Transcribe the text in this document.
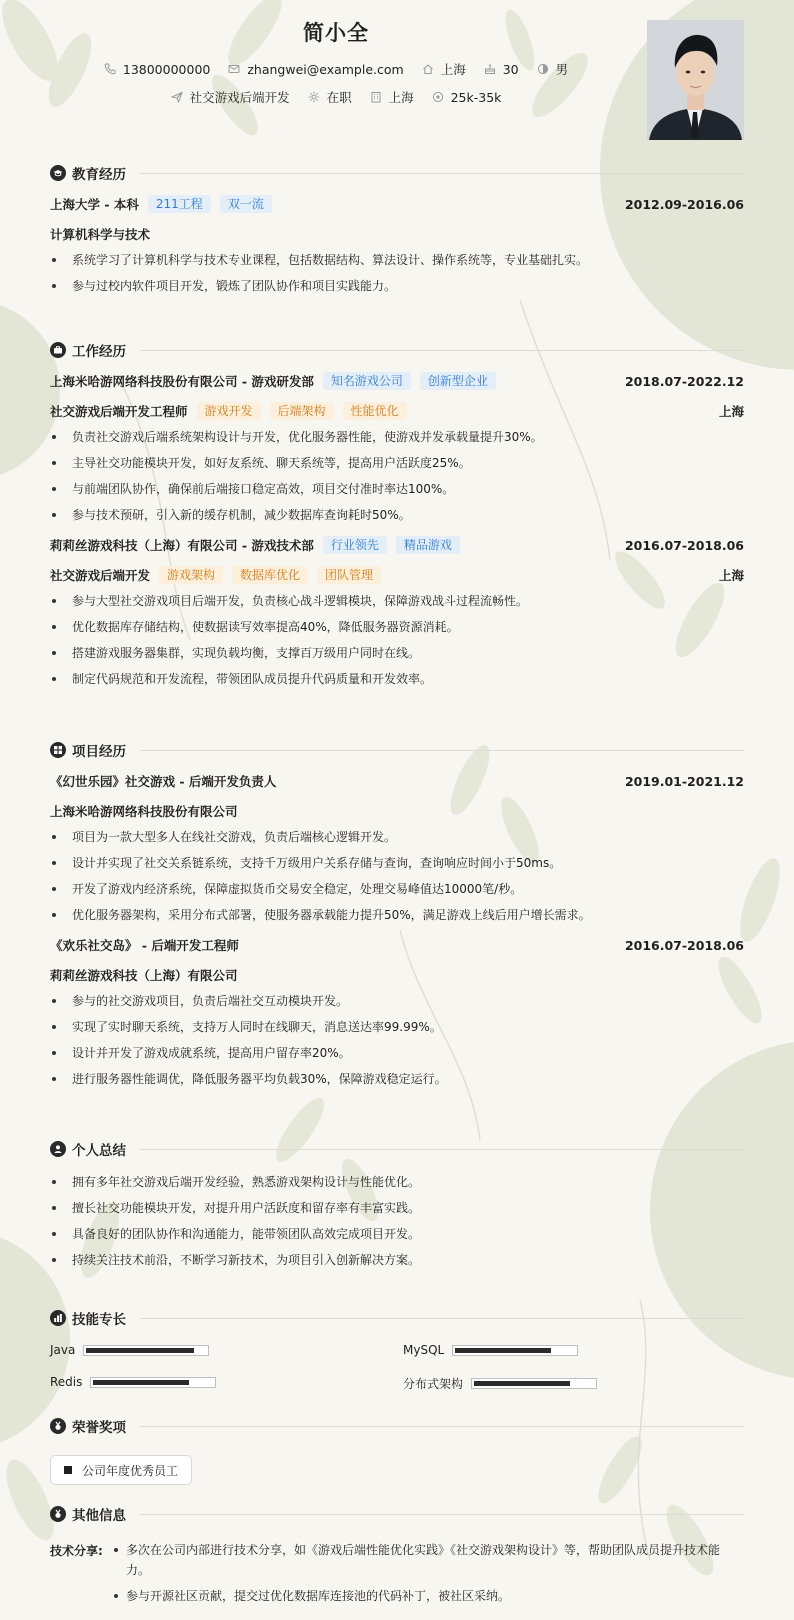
简小全
13800000000
	zhangwei@example.com
	上海
	30
	男
社交游戏后端开发
	在职
	上海
	25k-35k
教育经历
上海大学 - 本科	211工程	双一流	2012.09-2016.06
计算机科学与技术
系统学习了计算机科学与技术专业课程，包括数据结构、算法设计、操作系统等，专业基础扎实。
参与过校内软件项目开发，锻炼了团队协作和项目实践能力。
工作经历
上海米哈游网络科技股份有限公司 - 游戏研发部	知名游戏公司	创新型企业	2018.07-2022.12
社交游戏后端开发工程师	游戏开发	后端架构	性能优化	上海
负责社交游戏后端系统架构设计与开发，优化服务器性能，使游戏并发承载量提升30%。
主导社交功能模块开发，如好友系统、聊天系统等，提高用户活跃度25%。
与前端团队协作，确保前后端接口稳定高效，项目交付准时率达100%。
参与技术预研，引入新的缓存机制，减少数据库查询耗时50%。
莉莉丝游戏科技（上海）有限公司 - 游戏技术部	行业领先	精品游戏	2016.07-2018.06
社交游戏后端开发	游戏架构	数据库优化	团队管理	上海
参与大型社交游戏项目后端开发，负责核心战斗逻辑模块，保障游戏战斗过程流畅性。
优化数据库存储结构，使数据读写效率提高40%，降低服务器资源消耗。
搭建游戏服务器集群，实现负载均衡，支撑百万级用户同时在线。
制定代码规范和开发流程，带领团队成员提升代码质量和开发效率。
项目经历
《幻世乐园》社交游戏 - 后端开发负责人	2019.01-2021.12
上海米哈游网络科技股份有限公司
项目为一款大型多人在线社交游戏，负责后端核心逻辑开发。
设计并实现了社交关系链系统，支持千万级用户关系存储与查询，查询响应时间小于50ms。
开发了游戏内经济系统，保障虚拟货币交易安全稳定，处理交易峰值达10000笔/秒。
优化服务器架构，采用分布式部署，使服务器承载能力提升50%，满足游戏上线后用户增长需求。
《欢乐社交岛》 - 后端开发工程师	2016.07-2018.06
莉莉丝游戏科技（上海）有限公司
参与的社交游戏项目，负责后端社交互动模块开发。
实现了实时聊天系统，支持万人同时在线聊天，消息送达率99.99%。
设计并开发了游戏成就系统，提高用户留存率20%。
进行服务器性能调优，降低服务器平均负载30%，保障游戏稳定运行。
个人总结
拥有多年社交游戏后端开发经验，熟悉游戏架构设计与性能优化。
擅长社交功能模块开发，对提升用户活跃度和留存率有丰富实践。
具备良好的团队协作和沟通能力，能带领团队高效完成项目开发。
持续关注技术前沿，不断学习新技术，为项目引入创新解决方案。
技能专长
Java	MySQL
Redis	分布式架构
荣誉奖项
公司年度优秀员工
其他信息
技术分享:	多次在公司内部进行技术分享，如《游戏后端性能优化实践》《社交游戏架构设计》等，帮助团队成员提升技术能力。
参与开源社区贡献，提交过优化数据库连接池的代码补丁，被社区采纳。
